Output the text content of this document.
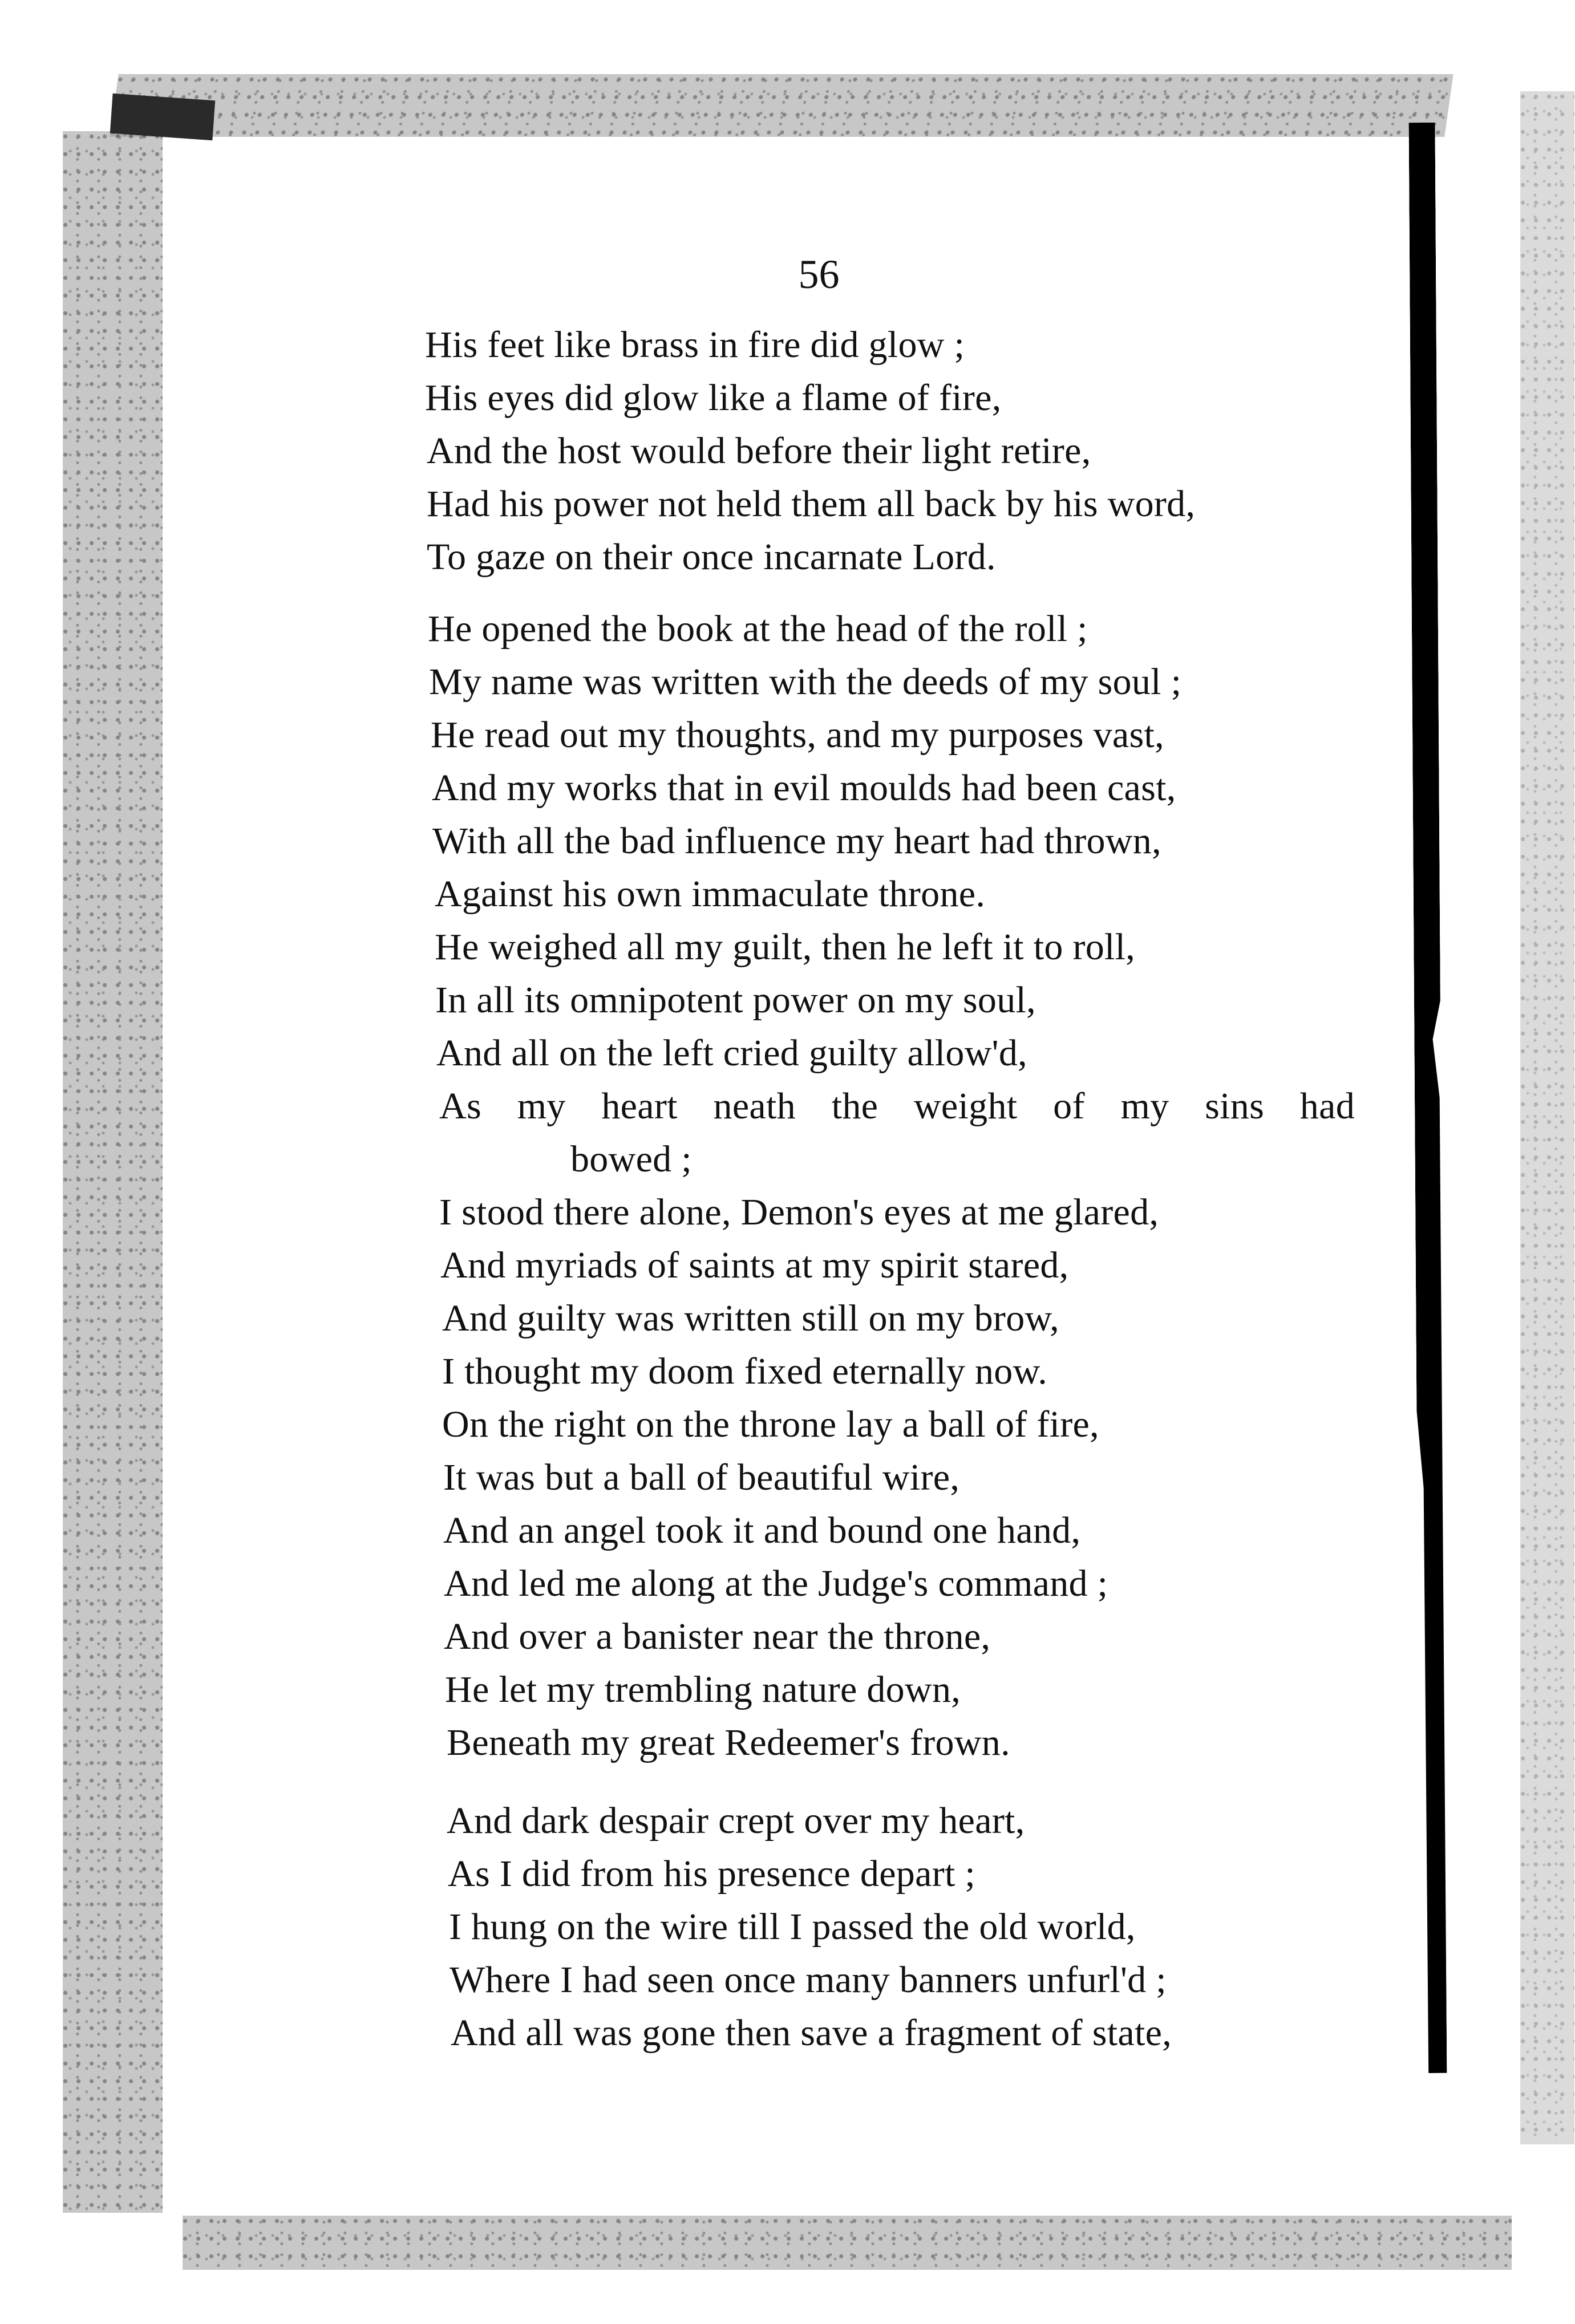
56
His feet like brass in fire did glow ;
His eyes did glow like a flame of fire,
And the host would before their light retire,
Had his power not held them all back by his word,
To gaze on their once incarnate Lord.
He opened the book at the head of the roll ;
My name was written with the deeds of my soul ;
He read out my thoughts, and my purposes vast,
And my works that in evil moulds had been cast,
With all the bad influence my heart had thrown,
Against his own immaculate throne.
He weighed all my guilt, then he left it to roll,
In all its omnipotent power on my soul,
And all on the left cried guilty allow'd,
As my heart neath the weight of my sins had
bowed ;
I stood there alone, Demon's eyes at me glared,
And myriads of saints at my spirit stared,
And guilty was written still on my brow,
I thought my doom fixed eternally now.
On the right on the throne lay a ball of fire,
It was but a ball of beautiful wire,
And an angel took it and bound one hand,
And led me along at the Judge's command ;
And over a banister near the throne,
He let my trembling nature down,
Beneath my great Redeemer's frown.
And dark despair crept over my heart,
As I did from his presence depart ;
I hung on the wire till I passed the old world,
Where I had seen once many banners unfurl'd ;
And all was gone then save a fragment of state,
